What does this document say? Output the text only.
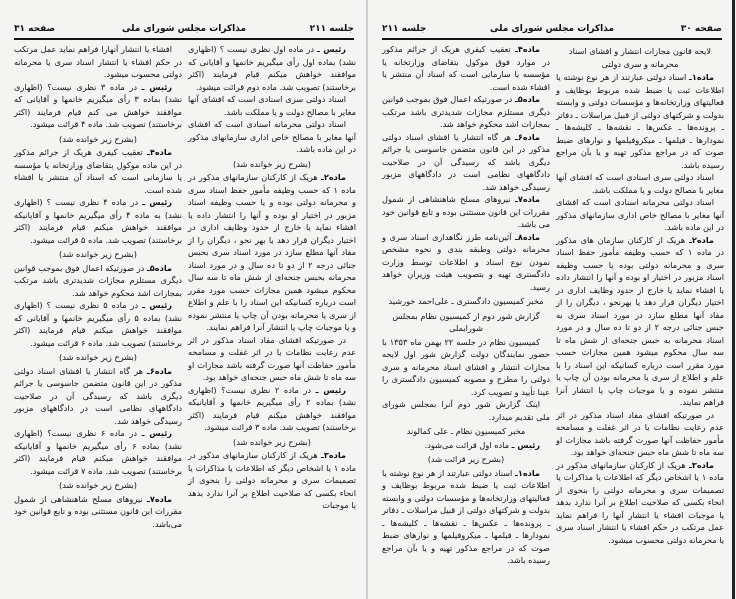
جلسه ۲۱۱
مذاکرات مجلس شورای ملی
صفحه ۳۱

رئیس ـ در ماده اول نظری نیست ؟ (اظهاری نشد) بماده اول رأی میگیریم خانمها و آقایانی که موافقند خواهش میکنم قیام فرمایند (اکثر برخاستند) تصویب شد. ماده دوم قرائت میشود.

اسناد دولتی سری اسنادی است که افشای آنها مغایر با مصالح دولت و یا مملکت باشد.

اسناد دولتی محرمانه اسنادی است که افشای آنها مغایر با مصالح خاص اداری سازمانهای مذکور در این ماده باشد.

(بشرح زیر خوانده شد)

ماده۲ـ هریک از کارکنان سازمانهای مذکور در ماده ۱ که حسب وظیفه مأمور حفظ اسناد سری و محرمانه دولتی بوده و یا حسب وظیفه اسناد مزبور در اختیار او بوده و آنها را انتشار داده یا افشاء نماید یا خارج از حدود وظایف اداری در اختیار دیگران قرار دهد یا بهر نحو ، دیگران را از مفاد آنها مطلع سازد در مورد اسناد سری بحبس جنائی درجه ۲ از دو تا ده سال و در مورد اسناد محرمانه بحبس جنحه‌ای از شش ماه تا سه سال محکوم میشود همین مجازات حسب مورد مقرر است درباره کسانیکه این اسناد را با علم و اطلاع از سری یا محرمانه بودن آن چاپ یا منتشر نموده و یا موجبات چاپ یا انتشار آنرا فراهم نمایند.

در صورتیکه افشای مفاد اسناد مذکور در اثر عدم رعایت نظامات یا در اثر غفلت و مسامحه مأمور حفاظت آنها صورت گرفته باشد مجازات او سه ماه تا شش ماه حبس جنحه‌ای خواهد بود.

رئیس ـ در ماده ۲ نظری نیست؟ (اظهاری نشد) بماده ۲ رأی میگیریم خانمها و آقایانیکه موافقند خواهش میکنم قیام فرمایند (اکثر برخاستند) تصویب شد. ماده ۳ قرائت میشود.

(بشرح زیر خوانده شد)

ماده۳ـ هریک از کارکنان سازمانهای مذکور در ماده ۱ یا اشخاص دیگر که اطلاعات یا مذاکرات یا تصمیمات سری و محرمانه دولتی را بنحوی از انحاء بکسی که صلاحیت اطلاع بر آنرا ندارد بدهد یا موجبات

افشاء یا انتشار آنهارا فراهم نماید عمل مرتکب در حکم افشاء یا انتشار اسناد سری یا محرمانه دولتی محسوب میشود.

رئیس ـ در ماده ۳ نظری نیست؟ (اظهاری نشد) بماده ۳ رأی میگیریم خانمها و آقایانی که موافقند خواهش می کنم قیام فرمایند (اکثر برخاستند) تصویب شد. ماده ۴ قرائت میشود.

(بشرح زیر خوانده شد)

ماده۴ـ تعقیب کیفری هریک از جرائم مذکور در این ماده موکول بتقاضای وزارتخانه یا مؤسسه یا سازمانی است که اسناد آن منتشر یا افشاء شده است.

رئیس ـ در ماده ۴ نظری نیست ؟ (اظهاری نشد) به ماده ۴ رأی میگیریم خانمها و آقایانیکه موافقند خواهش میکنم قیام فرمایند (اکثر برخاستند) تصویب شد. ماده ۵ قرائت میشود.

(بشرح زیر خوانده شد)

ماده۵ـ در صورتیکه اعمال فوق بموجب قوانین دیگری مستلزم مجازات شدیدتری باشد مرتکب بمجازات اشد محکوم خواهد شد.

رئیس ـ در ماده ۵ نظری نیست ؟ (اظهاری نشد) بماده ۵ رأی میگیریم خانمها و آقایانی که موافقند خواهش میکنم قیام فرمایند (اکثر برخاستند) تصویب شد. ماده ۶ قرائت میشود.

(بشرح زیر خوانده شد)

ماده۶ـ هر گاه انتشار یا افشای اسناد دولتی مذکور در این قانون متضمن جاسوسی یا جرائم دیگری باشد که رسیدگی آن در صلاحیت دادگاههای نظامی است در دادگاههای مزبور رسیدگی خواهد شد.

رئیس ـ در ماده ۶ نظری نیست؟ (اظهاری نشد) بماده ۶ رأی میگیریم خانمها و آقایانیکه موافقند خواهش میکنم قیام فرمایند (اکثر برخاستند) تصویب شد. ماده ۷ قرائت میشود.

(بشرح زیر خوانده شد)

ماده۷ـ نیروهای مسلح شاهنشاهی از شمول مقررات این قانون مستثنی بوده و تابع قوانین خود می‌باشد.

صفحه ۳۰
مذاکرات مجلس شورای ملی
جلسه ۲۱۱

لایحه قانون مجازات انتشار و افشای اسناد محرمانه و سری دولتی

ماده۱ـ اسناد دولتی عبارتند از هر نوع نوشته یا اطلاعات ثبت یا ضبط شده مربوط بوظایف و فعالیتهای وزارتخانه‌ها و مؤسسات دولتی و وابسته بدولت و شرکتهای دولتی از قبیل مراسلات ـ دفاتر ـ پرونده‌ها ـ عکس‌ها ـ نقشه‌ها ـ کلیشه‌ها ـ نمودارها ـ فیلمها ـ میکروفیلمها و نوارهای ضبط صوت که در مراجع مذکور تهیه و یا بآن مراجع رسیده باشد.

اسناد دولتی سری اسنادی است که افشای آنها مغایر با مصالح دولت و یا مملکت باشد.

اسناد دولتی محرمانه اسنادی است که افشای آنها مغایر با مصالح خاص اداری سازمانهای مذکور در این ماده باشد.

ماده۲ـ هریک از کارکنان سازمان های مذکور در ماده ۱ که حسب وظیفه مأمور حفظ اسناد سری و محرمانه دولتی بوده یا حسب وظیفه اسناد مزبور در اختیار او بوده و آنها را انتشار داده یا افشاء نماید یا خارج از حدود وظایف اداری در اختیار دیگران قرار دهد یا بهرنحو ، دیگران را از مفاد آنها مطلع سازد در مورد اسناد سری به حبس جنائی درجه ۲ از دو تا ده سال و در مورد اسناد محرمانه به حبس جنحه‌ای از شش ماه تا سه سال محکوم میشود همین مجازات حسب مورد مقرر است درباره کسانیکه این اسناد را با علم و اطلاع از سری یا محرمانه بودن آن چاپ یا منتشر نموده و یا موجبات چاپ یا انتشار آنرا فراهم نمایند.

در صورتیکه افشای مفاد اسناد مذکور در اثر عدم رعایت نظامات یا در اثر غفلت و مسامحه مأمور حفاظت آنها صورت گرفته باشد مجازات او سه ماه تا شش ماه حبس جنحه‌ای خواهد بود.

ماده۳ـ هریک از کارکنان سازمانهای مذکور در ماده ۱ یا اشخاص دیگر که اطلاعات یا مذاکرات یا تصمیمات سری و محرمانه دولتی را بنحوی از انحاء بکسی که صلاحیت اطلاع بر آنرا ندارد بدهد یا موجبات افشاء یا انتشار آنها را فراهم نماید عمل مرتکب در حکم افشاء یا انتشار اسناد سری یا محرمانه دولتی محسوب میشود.

ماده۴ـ تعقیب کیفری هریک از جرائم مذکور در موارد فوق موکول بتقاضای وزارتخانه یا مؤسسه یا سازمانی است که اسناد آن منتشر یا افشاء شده است.

ماده۵ـ در صورتیکه اعمال فوق بموجب قوانین دیگری مستلزم مجازات شدیدتری باشد مرتکب بمجازات اشد محکوم خواهد شد.

ماده۶ـ هر گاه انتشار یا افشای اسناد دولتی مذکور در این قانون متضمن جاسوسی یا جرائم دیگری باشد که رسیدگی آن در صلاحیت دادگاههای نظامی است در دادگاههای مزبور رسیدگی خواهد شد.

ماده۷ـ نیروهای مسلح شاهنشاهی از شمول مقررات این قانون مستثنی بوده و تابع قوانین خود می باشد.

ماده۸ـ آئین‌نامه طرز نگاهداری اسناد سری و محرمانه دولتی وطبقه بندی و نحوه مشخص نمودن نوع اسناد و اطلاعات توسط وزارت دادگستری تهیه و بتصویب هیئت وزیران خواهد رسید.

مخبر کمیسیون دادگستری ـ علی‌احمد خورشید

گزارش شور دوم از کمیسیون نظام بمجلس شورایملی

کمیسیون نظام در جلسه ۲۲ بهمن ماه ۱۳۵۳ با حضور نمایندگان دولت گزارش شور اول لایحه مجازات انتشار و افشای اسناد محرمانه و سری دولتی را مطرح و مصوبه کمیسیون دادگستری را عینا تأیید و تصویب کرد.

اینک گزارش شور دوم آنرا بمجلس شورای ملی تقدیم میدارد.

مخبر کمیسیون نظام ـ علی کمالوند

رئیس ـ ماده اول قرائت می‌شود.

(بشرح زیر قرائت شد)

ماده۱ـ اسناد دولتی عبارتند از هر نوع نوشته یا اطلاعات ثبت یا ضبط شده مربوط بوظایف و فعالیتهای وزارتخانه‌ها و مؤسسات دولتی و وابسته بدولت و شرکتهای دولتی از قبیل مراسلات ـ دفاتر ـ پرونده‌ها ـ عکس‌ها ـ نقشه‌ها ـ کلیشه‌ها ـ نمودارها ـ فیلمها ـ میکروفیلمها و نوارهای ضبط صوت که در مراجع مذکور تهیه و یا بآن مراجع رسیده باشد.
